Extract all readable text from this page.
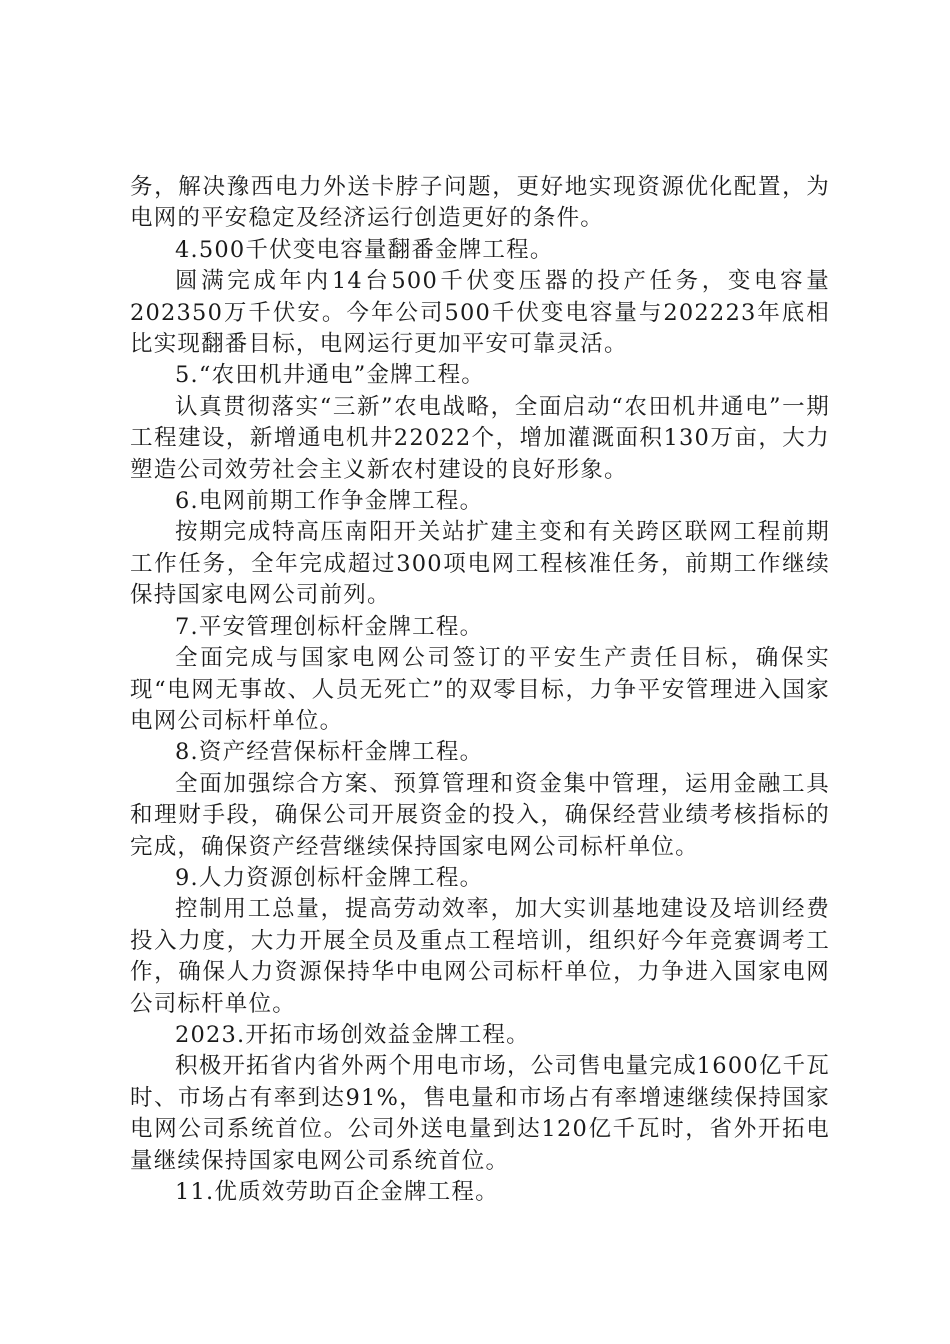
务，解决豫西电力外送卡脖子问题，更好地实现资源优化配置，为电网的平安稳定及经济运行创造更好的条件。

4.500千伏变电容量翻番金牌工程。

圆满完成年内14台500千伏变压器的投产任务，变电容量202350万千伏安。今年公司500千伏变电容量与202223年底相比实现翻番目标，电网运行更加平安可靠灵活。

5.“农田机井通电”金牌工程。

认真贯彻落实“三新”农电战略，全面启动“农田机井通电”一期工程建设，新增通电机井22022个，增加灌溉面积130万亩，大力塑造公司效劳社会主义新农村建设的良好形象。

6.电网前期工作争金牌工程。

按期完成特高压南阳开关站扩建主变和有关跨区联网工程前期工作任务，全年完成超过300项电网工程核准任务，前期工作继续保持国家电网公司前列。

7.平安管理创标杆金牌工程。

全面完成与国家电网公司签订的平安生产责任目标，确保实现“电网无事故、人员无死亡”的双零目标，力争平安管理进入国家电网公司标杆单位。

8.资产经营保标杆金牌工程。

全面加强综合方案、预算管理和资金集中管理，运用金融工具和理财手段，确保公司开展资金的投入，确保经营业绩考核指标的完成，确保资产经营继续保持国家电网公司标杆单位。

9.人力资源创标杆金牌工程。

控制用工总量，提高劳动效率，加大实训基地建设及培训经费投入力度，大力开展全员及重点工程培训，组织好今年竞赛调考工作，确保人力资源保持华中电网公司标杆单位，力争进入国家电网公司标杆单位。

2023.开拓市场创效益金牌工程。

积极开拓省内省外两个用电市场，公司售电量完成1600亿千瓦时、市场占有率到达91%，售电量和市场占有率增速继续保持国家电网公司系统首位。公司外送电量到达120亿千瓦时，省外开拓电量继续保持国家电网公司系统首位。

11.优质效劳助百企金牌工程。
